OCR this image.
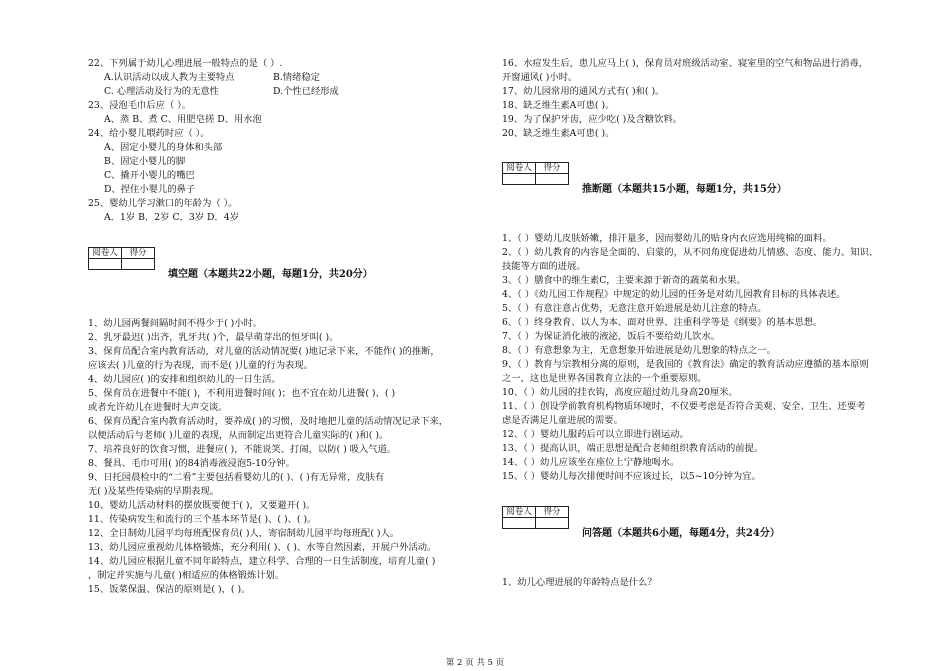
22、下列属于幼儿心理进展一般特点的是（ ）.
A.认识活动以成人教为主要特点	B.情绪稳定
C. 心理活动及行为的无意性	D.个性已经形成
23、浸泡毛巾后应（ ）。
A、蒸 B、煮 C、用肥皂搓 D、用水泡
24、给小婴儿喂药时应（ ）。
A、固定小婴儿的身体和头部
B、固定小婴儿的脚
C、撬开小婴儿的嘴巴
D、捏住小婴儿的鼻子
25、婴幼儿学习漱口的年龄为（ ）。
A．1岁 B．2岁 C．3岁 D．4岁
阅卷人	得分

填空题（本题共22小题，每题1分，共20分）
1、幼儿园两餐间隔时间不得少于( )小时。
2、乳牙最迟( )出齐，乳牙共( )个，最早萌芽出的恒牙叫( )。
3、保育员配合室内教育活动，对儿童的活动情况要( )地记录下来，不能作( )的推断，
应该去( )儿童的行为表现，而不是( )儿童的行为表现。
4、幼儿园应( )的安排和组织幼儿的一日生活。
5、保育员在进餐中不能( )，不利用进餐时间( )；也不宜在幼儿进餐( )、( )
或者允许幼儿在进餐时大声交谈。
6、保育员配合室内教育活动时，要养成( )的习惯，及时地把儿童的活动情况记录下来，
以便活动后与老师( )儿童的表现，从而制定出更符合儿童实际的( )和( )。
7、培养良好的饮食习惯，进餐应( )，不能说笑、打闹，以防( ) 吸入气道。
8、餐具、毛巾可用( )的84消毒液浸泡5-10分钟。
9、日托园晨检中的“二看”主要包括看婴幼儿的( )、( )有无异常，皮肤有
无( )及某些传染病的早期表现。
10、婴幼儿活动材料的摆放既要便于( )，又要避开( )。
11、传染病发生和流行的三个基本环节是( )、( )、( )。
12、全日制幼儿园平均每班配保育员( )人，寄宿制幼儿园平均每班配( )人。
13、幼儿园应重视幼儿体格锻炼，充分利用( )、( )、水等自然因素，开展户外活动。
14、幼儿园应根据儿童不同年龄特点，建立科学、合理的一日生活制度，培育儿童( )
，制定并实施与儿童( )相适应的体格锻炼计划。
15、饭菜保温、保洁的原则是( )，( )。
16、水痘发生后，患儿应马上( )，保育员对班级活动室、寝室里的空气和物品进行消毒，
开窗通风( )小时。
17、幼儿园常用的通风方式有( )和( )。
18、缺乏维生素A可患( )。
19、为了保护牙齿，应少吃( )及含糖饮料。
20、缺乏维生素A可患( )。
阅卷人	得分

推断题（本题共15小题，每题1分，共15分）
1、（ ）婴幼儿皮肤娇嫩，排汗量多，因而婴幼儿的贴身内衣应选用纯棉的面料。
2、（ ）幼儿教育的内容是全面的、启蒙的，从不同角度促进幼儿情感、态度、能力、知识、
技能等方面的进展。
3、（ ）膳食中的维生素C，主要来源于新奇的蔬菜和水果。
4、（ ）《幼儿园工作规程》中规定的幼儿园的任务是对幼儿园教育目标的具体表述。
5、（ ）有意注意占优势，无意注意开始进展是幼儿注意的特点。
6、（ ）终身教育、以人为本、面对世界、注重科学等是《纲要》的基本思想。
7、（ ）为保证消化液的液泌，饭后不要给幼儿饮水。
8、（ ）有意想象为主，无意想象开始进展是幼儿想象的特点之一。
9、（ ）教育与宗教相分离的原则，是我国的《教育法》确定的教育活动应遵循的基本原则
之一，这也是世界各国教育立法的一个重要原则。
10、（ ）幼儿园的挂衣钩，高度应超过幼儿身高20厘米。
11、（ ）创设学前教育机构物质环境时，不仅要考虑是否符合美观、安全、卫生、还要考
虑是否满足儿童进展的需要。
12、（ ）婴幼儿服药后可以立即进行剧运动。
13、（ ）提高认识，端正思想是配合老师组织教育活动的前提。
14、（ ）幼儿应该坐在座位上宁静地喝水。
15、（ ）婴幼儿每次排便时间不应该过长，以5~10分钟为宜。
阅卷人	得分

问答题（本题共6小题，每题4分，共24分）
1、幼儿心理进展的年龄特点是什么？
第 2 页 共 5 页
